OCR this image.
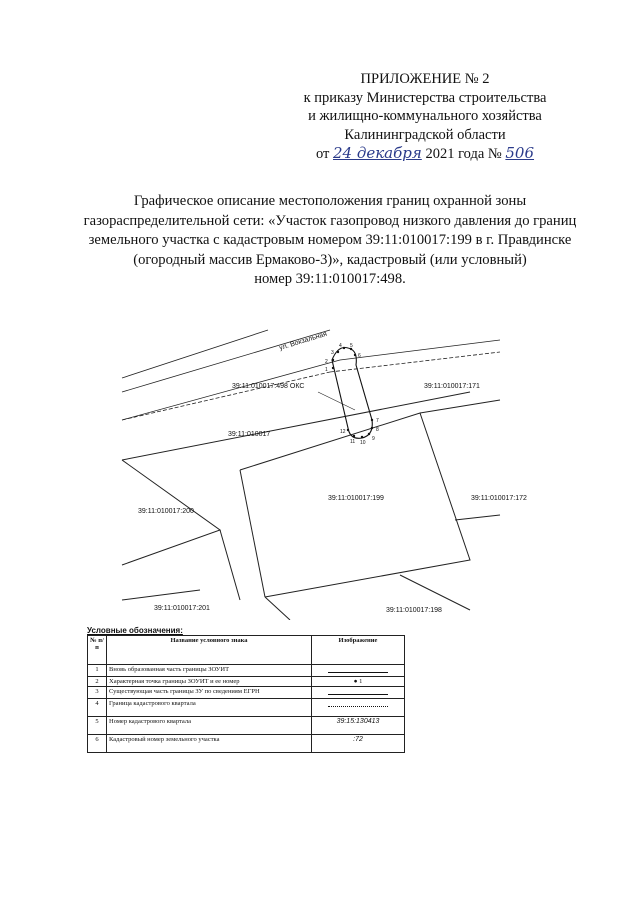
ПРИЛОЖЕНИЕ № 2
к приказу Министерства строительства
и жилищно-коммунального хозяйства
Калининградской области
от 24 декабря 2021 года № 506
Графическое описание местоположения границ охранной зоны
газораспределительной сети: «Участок газопровод низкого давления до границ
земельного участка с кадастровым номером 39:11:010017:199 в г. Правдинске
(огородный массив Ермаково-3)», кадастровый (или условный)
номер 39:11:010017:498.
1
2
3
4 5
6
7
8
9
10
11
12
ул. Вокзальная
39:11:010017:498 ОКС
39:11:010017
39:11:010017:171
39:11:010017:199
39:11:010017:200
39:11:010017:172
39:11:010017:201	39:11:010017:198
Условные обозначения:
№ п/ п	Название условного знака	Изображение
1	Вновь образованная часть границы ЗОУИТ	
2	Характерная точка границы ЗОУИТ и ее номер	● 1
3	Существующая часть границы ЗУ по сведениям ЕГРН	
4	Граница кадастрового квартала	
5	Номер кадастрового квартала	39:15:130413
6	Кадастровый номер земельного участка	:72
